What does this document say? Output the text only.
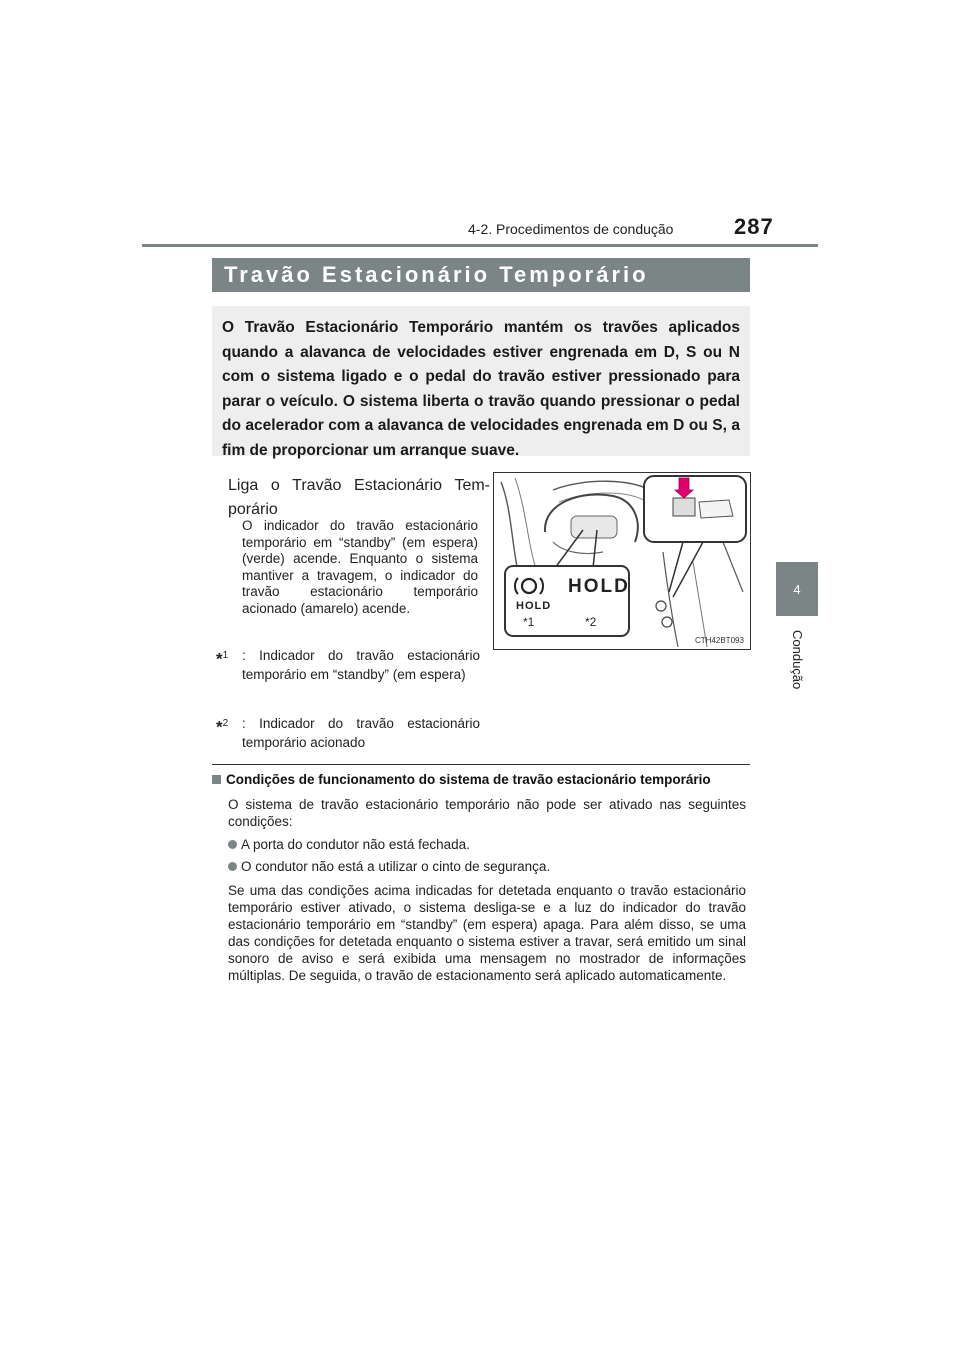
4-2. Procedimentos de condução	287
4
Condução
Travão Estacionário Temporário
O Travão Estacionário Temporário mantém os travões aplicados quando a alavanca de velocidades estiver engrenada em D, S ou N com o sistema ligado e o pedal do travão estiver pressionado para parar o veículo. O sistema liberta o travão quando pressionar o pedal do acelerador com a alavanca de velocidades engrenada em D ou S, a fim de proporcionar um arranque suave.
Liga o Travão Estacionário Temporário
O indicador do travão estacionário temporário em “standby” (em espera) (verde) acende. Enquanto o sistema mantiver a travagem, o indicador do travão estacionário temporário acionado (amarelo) acende.
*$^1$ : Indicador do travão estacionário temporário em “standby” (em espera)
*$^2$ : Indicador do travão estacionário temporário acionado
HOLD
HOLD
*1	*2
CTH42BT093
Condições de funcionamento do sistema de travão estacionário temporário
O sistema de travão estacionário temporário não pode ser ativado nas seguintes condições:
A porta do condutor não está fechada.
O condutor não está a utilizar o cinto de segurança.
Se uma das condições acima indicadas for detetada enquanto o travão estacionário temporário estiver ativado, o sistema desliga-se e a luz do indicador do travão estacionário temporário em “standby” (em espera) apaga. Para além disso, se uma das condições for detetada enquanto o sistema estiver a travar, será emitido um sinal sonoro de aviso e será exibida uma mensagem no mostrador de informações múltiplas. De seguida, o travão de estacionamento será aplicado automaticamente.
